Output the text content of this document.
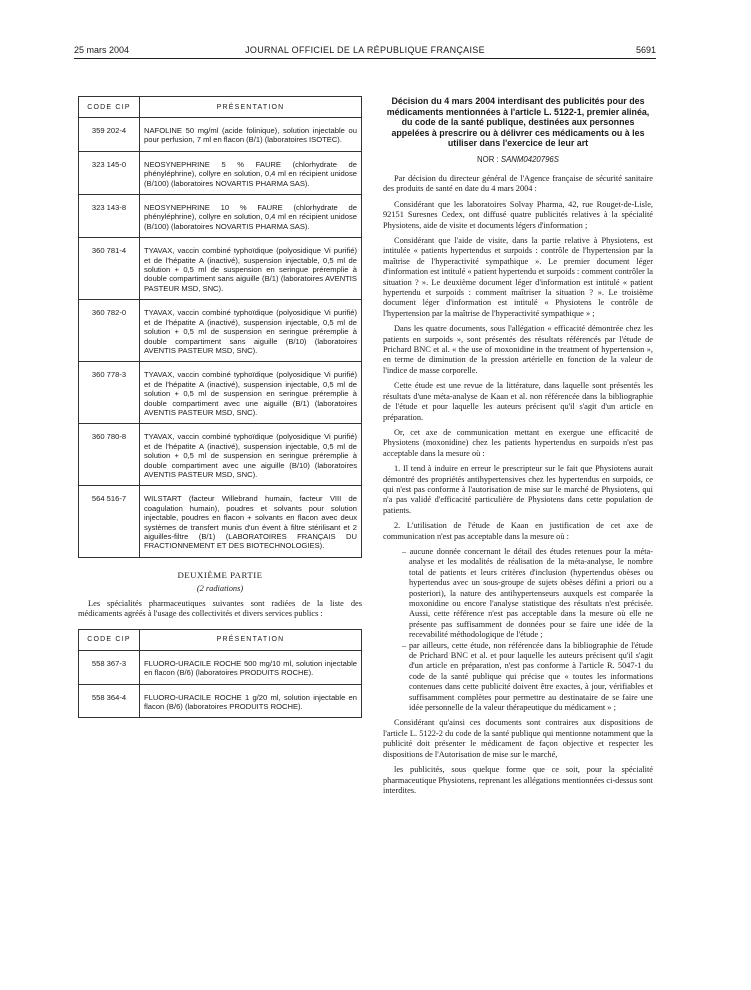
25 mars 2004	JOURNAL OFFICIEL DE LA RÉPUBLIQUE FRANÇAISE	5691
CODE CIP	PRÉSENTATION
359 202-4	NAFOLINE 50 mg/ml (acide folinique), solution injectable ou pour perfusion, 7 ml en flacon (B/1) (laboratoires ISOTEC).
323 145-0	NEOSYNEPHRINE 5 % FAURE (chlorhydrate de phényléphrine), collyre en solution, 0,4 ml en récipient unidose (B/100) (laboratoires NOVARTIS PHARMA SAS).
323 143-8	NEOSYNEPHRINE 10 % FAURE (chlorhydrate de phényléphrine), collyre en solution, 0,4 ml en récipient unidose (B/100) (laboratoires NOVARTIS PHARMA SAS).
360 781-4	TYAVAX, vaccin combiné typhoïdique (polyosidique Vi purifié) et de l'hépatite A (inactivé), suspension injectable, 0,5 ml de solution + 0,5 ml de suspension en seringue préremplie à double compartiment sans aiguille (B/1) (laboratoires AVENTIS PASTEUR MSD, SNC).
360 782-0	TYAVAX, vaccin combiné typhoïdique (polyosidique Vi purifié) et de l'hépatite A (inactivé), suspension injectable, 0,5 ml de solution + 0,5 ml de suspension en seringue préremplie à double compartiment sans aiguille (B/10) (laboratoires AVENTIS PASTEUR MSD, SNC).
360 778-3	TYAVAX, vaccin combiné typhoïdique (polyosidique Vi purifié) et de l'hépatite A (inactivé), suspension injectable, 0,5 ml de solution + 0,5 ml de suspension en seringue préremplie à double compartiment avec une aiguille (B/1) (laboratoires AVENTIS PASTEUR MSD, SNC).
360 780-8	TYAVAX, vaccin combiné typhoïdique (polyosidique Vi purifié) et de l'hépatite A (inactivé), suspension injectable, 0,5 ml de solution + 0,5 ml de suspension en seringue préremplie à double compartiment avec une aiguille (B/10) (laboratoires AVENTIS PASTEUR MSD, SNC).
564 516-7	WILSTART (facteur Willebrand humain, facteur VIII de coagulation humain), poudres et solvants pour solution injectable, poudres en flacon + solvants en flacon avec deux systèmes de transfert munis d'un évent à filtre stérilisant et 2 aiguilles-filtre (B/1) (LABORATOIRES FRANÇAIS DU FRACTIONNEMENT ET DES BIOTECHNOLOGIES).
DEUXIÈME PARTIE
(2 radiations)
Les spécialités pharmaceutiques suivantes sont radiées de la liste des médicaments agréés à l'usage des collectivités et divers services publics :
CODE CIP	PRÉSENTATION
558 367-3	FLUORO-URACILE ROCHE 500 mg/10 ml, solution injectable en flacon (B/6) (laboratoires PRODUITS ROCHE).
558 364-4	FLUORO-URACILE ROCHE 1 g/20 ml, solution injectable en flacon (B/6) (laboratoires PRODUITS ROCHE).
Décision du 4 mars 2004 interdisant des publicités pour des médicaments mentionnées à l'article L. 5122-1, premier alinéa, du code de la santé publique, destinées aux personnes appelées à prescrire ou à délivrer ces médicaments ou à les utiliser dans l'exercice de leur art
NOR : SANM0420796S

Par décision du directeur général de l'Agence française de sécurité sanitaire des produits de santé en date du 4 mars 2004 :

Considérant que les laboratoires Solvay Pharma, 42, rue Rouget-de-Lisle, 92151 Suresnes Cedex, ont diffusé quatre publicités relatives à la spécialité Physiotens, aide de visite et documents légers d'information ;

Considérant que l'aide de visite, dans la partie relative à Physiotens, est intitulée « patients hypertendus et surpoids : contrôle de l'hypertension par la maîtrise de l'hyperactivité sympathique ». Le premier document léger d'information est intitulé « patient hypertendu et surpoids : comment contrôler la situation ? ». Le deuxième document léger d'information est intitulé « patient hypertendu et surpoids : comment maîtriser la situation ? ». Le troisième document léger d'information est intitulé « Physiotens le contrôle de l'hypertension par la maîtrise de l'hyperactivité sympathique » ;

Dans les quatre documents, sous l'allégation « efficacité démontrée chez les patients en surpoids », sont présentés des résultats référencés par l'étude de Prichard BNC et al. « the use of moxonidine in the treatment of hypertension », en terme de diminution de la pression artérielle en fonction de la valeur de l'indice de masse corporelle.

Cette étude est une revue de la littérature, dans laquelle sont présentés les résultats d'une méta-analyse de Kaan et al. non référencée dans la bibliographie de l'étude et pour laquelle les auteurs précisent qu'il s'agit d'un article en préparation.

Or, cet axe de communication mettant en exergue une efficacité de Physiotens (moxonidine) chez les patients hypertendus en surpoids n'est pas acceptable dans la mesure où :

1. Il tend à induire en erreur le prescripteur sur le fait que Physiotens aurait démontré des propriétés antihypertensives chez les hypertendus en surpoids, ce qui n'est pas conforme à l'autorisation de mise sur le marché de Physiotens, qui n'a pas validé d'efficacité particulière de Physiotens dans cette population de patients.

2. L'utilisation de l'étude de Kaan en justification de cet axe de communication n'est pas acceptable dans la mesure où :

– aucune donnée concernant le détail des études retenues pour la méta-analyse et les modalités de réalisation de la méta-analyse, le nombre total de patients et leurs critères d'inclusion (hypertendus obèses ou hypertendus avec un sous-groupe de sujets obèses défini a priori ou a posteriori), la nature des antihypertenseurs auxquels est comparée la moxonidine ou encore l'analyse statistique des résultats n'est précisée. Aussi, cette référence n'est pas acceptable dans la mesure où elle ne présente pas suffisamment de données pour se faire une idée de la recevabilité méthodologique de l'étude ;
– par ailleurs, cette étude, non référencée dans la bibliographie de l'étude de Prichard BNC et al. et pour laquelle les auteurs précisent qu'il s'agit d'un article en préparation, n'est pas conforme à l'article R. 5047-1 du code de la santé publique qui précise que « toutes les informations contenues dans cette publicité doivent être exactes, à jour, vérifiables et suffisamment complètes pour permettre au destinataire de se faire une idée personnelle de la valeur thérapeutique du médicament » ;

Considérant qu'ainsi ces documents sont contraires aux dispositions de l'article L. 5122-2 du code de la santé publique qui mentionne notamment que la publicité doit présenter le médicament de façon objective et respecter les dispositions de l'Autorisation de mise sur le marché,

les publicités, sous quelque forme que ce soit, pour la spécialité pharmaceutique Physiotens, reprenant les allégations mentionnées ci-dessus sont interdites.
